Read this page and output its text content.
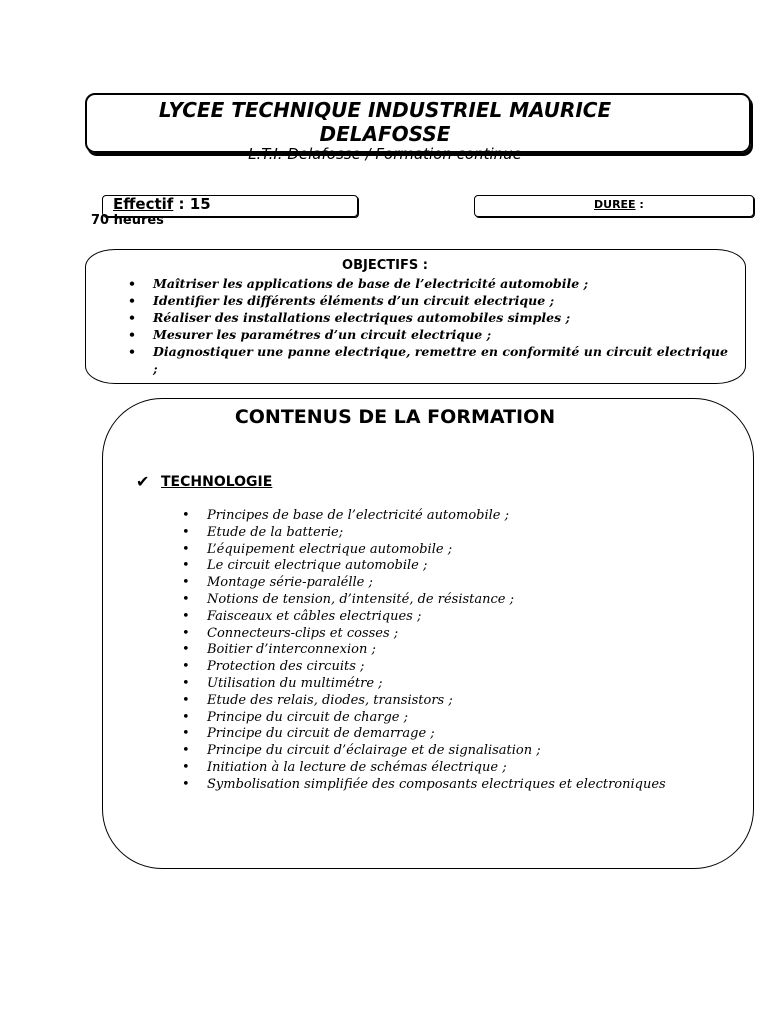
LYCEE TECHNIQUE INDUSTRIEL MAURICE
DELAFOSSE
L.T.I. Delafosse / Formation continue
Effectif : 15
70 heures
DUREE :
OBJECTIFS :
• Maîtriser les applications de base de l’electricité automobile ;
• Identifier les différents éléments d’un circuit electrique ;
• Réaliser des installations electriques automobiles simples ;
• Mesurer les paramétres d’un circuit electrique ;
• Diagnostiquer une panne electrique, remettre en conformité un circuit electrique ;
CONTENUS DE LA FORMATION
✔ TECHNOLOGIE
• Principes de base de l’electricité automobile ;
• Etude de la batterie;
• L’équipement electrique automobile ;
• Le circuit electrique automobile ;
• Montage série-paralélle ;
• Notions de tension, d’intensité, de résistance ;
• Faisceaux et câbles electriques ;
• Connecteurs-clips et cosses ;
• Boitier d’interconnexion ;
• Protection des circuits ;
• Utilisation du multimétre ;
• Etude des relais, diodes, transistors ;
• Principe du circuit de charge ;
• Principe du circuit de demarrage ;
• Principe du circuit d’éclairage et de signalisation ;
• Initiation à la lecture de schémas électrique ;
• Symbolisation simplifiée des composants electriques et electroniques
